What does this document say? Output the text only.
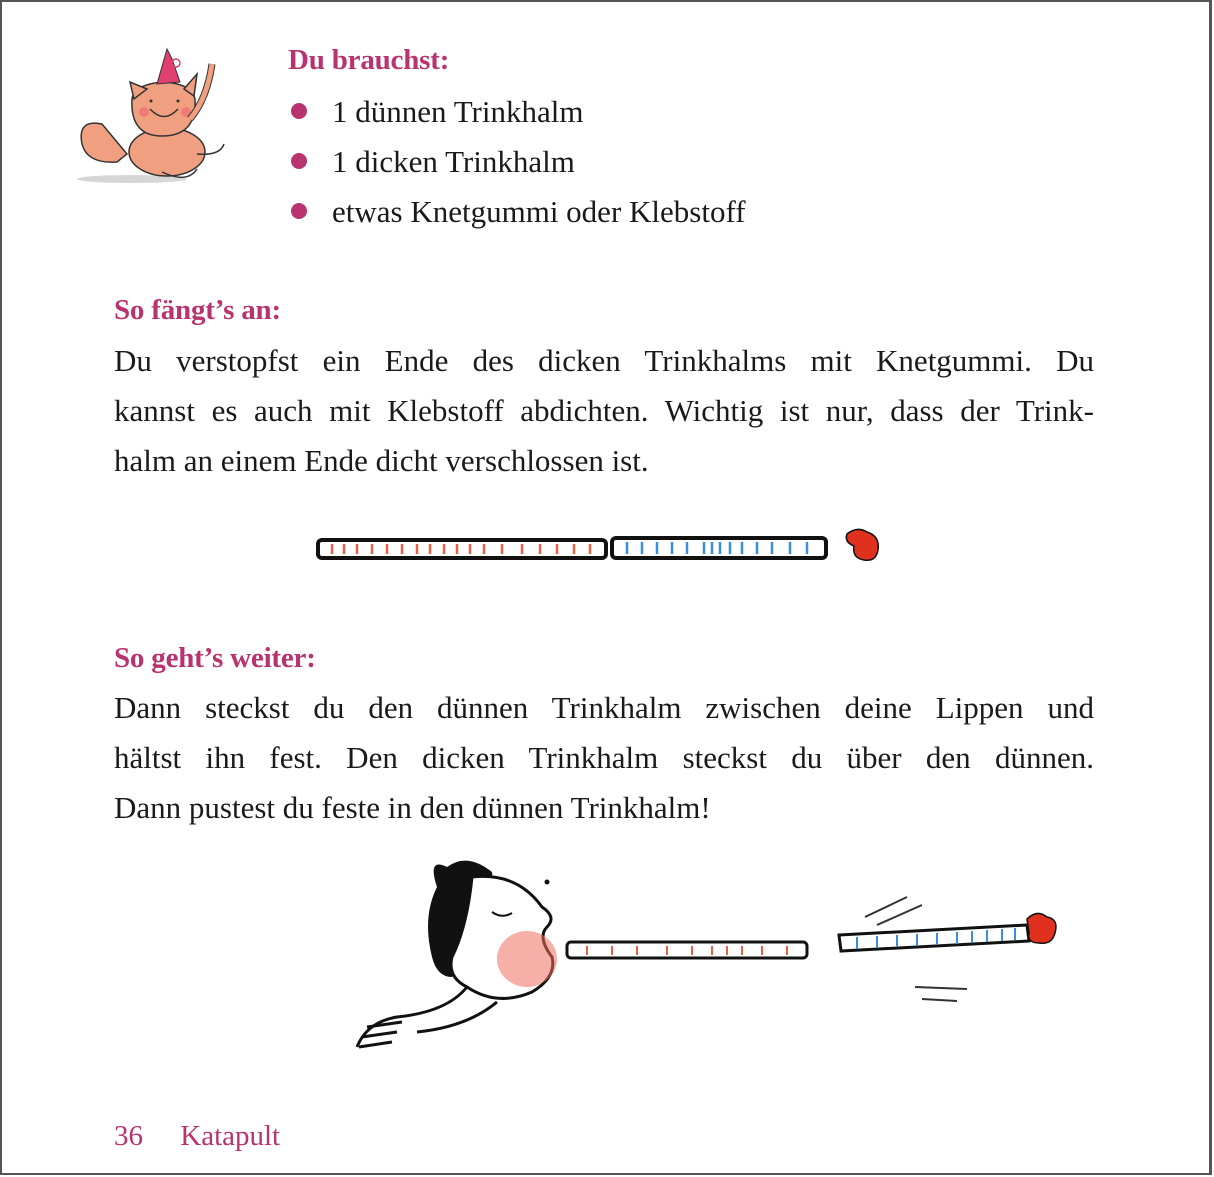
Du brauchst:
1 dünnen Trinkhalm
1 dicken Trinkhalm
etwas Knetgummi oder Klebstoff
So fängt’s an:
Du verstopfst ein Ende des dicken Trinkhalms mit Knetgummi. Du
kannst es auch mit Klebstoff abdichten. Wichtig ist nur, dass der Trink-
halm an einem Ende dicht verschlossen ist.
So geht’s weiter:
Dann steckst du den dünnen Trinkhalm zwischen deine Lippen und
hältst ihn fest. Den dicken Trinkhalm steckst du über den dünnen.
Dann pustest du feste in den dünnen Trinkhalm!
36 Katapult
